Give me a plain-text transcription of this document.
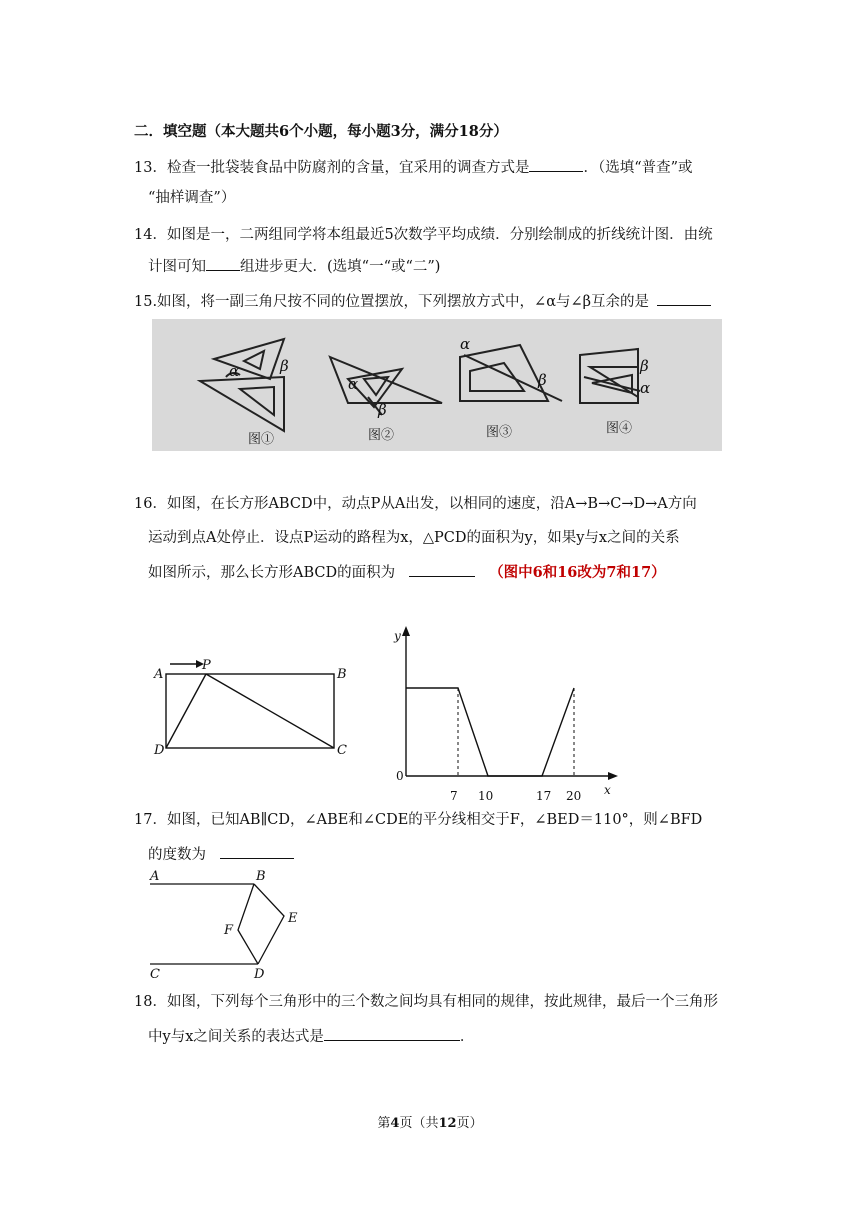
二．填空题（本大题共6个小题，每小题3分，满分18分）
13．检查一批袋装食品中防腐剂的含量，宜采用的调查方式是	．（选填“普查”或
“抽样调查”）
14．如图是一，二两组同学将本组最近5次数学平均成绩．分别绘制成的折线统计图．由统
计图可知 组进步更大．(选填“一“或“二”)
15.如图，将一副三角尺按不同的位置摆放，下列摆放方式中，∠α与∠β互余的是
α	β
α
β
α
β	α
β
图①	图②	图③	图④
16．如图，在长方形ABCD中，动点P从A出发，以相同的速度，沿A→B→C→D→A方向
运动到点A处停止．设点P运动的路程为x，△PCD的面积为y，如果y与x之间的关系
如图所示，那么长方形ABCD的面积为	（图中6和16改为7和17）
A
P
B
D	C
y
x
0
7 10	17 20
17．如图，已知AB∥CD，∠ABE和∠CDE的平分线相交于F，∠BED＝110°，则∠BFD
的度数为
A	B
C	D
E
F
18．如图，下列每个三角形中的三个数之间均具有相同的规律，按此规律，最后一个三角形
中y与x之间关系的表达式是	．
第4页（共12页）
